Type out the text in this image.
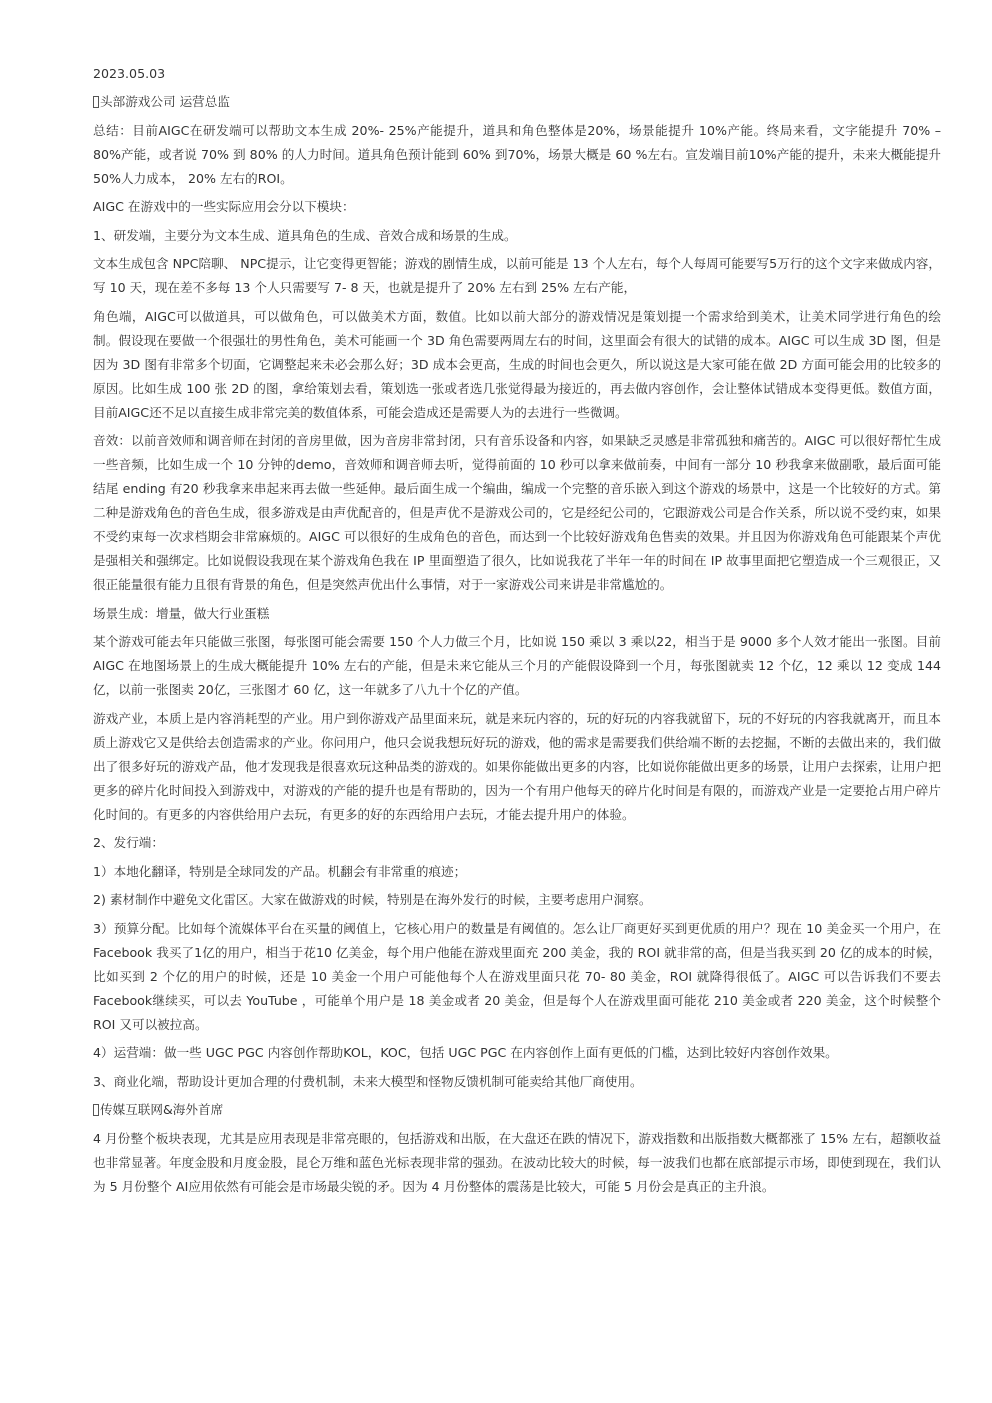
2023.05.03

头部游戏公司 运营总监

总结：目前AIGC在研发端可以帮助文本生成 20%- 25%产能提升，道具和角色整体是20%，场景能提升 10%产能。终局来看，文字能提升 70% – 80%产能，或者说 70% 到 80% 的人力时间。道具角色预计能到 60% 到70%，场景大概是 60 %左右。宣发端目前10%产能的提升，未来大概能提升 50%人力成本， 20% 左右的ROI。

AIGC 在游戏中的一些实际应用会分以下模块：

1、研发端，主要分为文本生成、道具角色的生成、音效合成和场景的生成。

文本生成包含 NPC陪聊、 NPC提示，让它变得更智能；游戏的剧情生成，以前可能是 13 个人左右，每个人每周可能要写5万行的这个文字来做成内容，写 10 天，现在差不多每 13 个人只需要写 7- 8 天，也就是提升了 20% 左右到 25% 左右产能，

角色端，AIGC可以做道具，可以做角色，可以做美术方面，数值。比如以前大部分的游戏情况是策划提一个需求给到美术，让美术同学进行角色的绘制。假设现在要做一个很强壮的男性角色，美术可能画一个 3D 角色需要两周左右的时间，这里面会有很大的试错的成本。AIGC 可以生成 3D 图，但是因为 3D 图有非常多个切面，它调整起来未必会那么好；3D 成本会更高，生成的时间也会更久，所以说这是大家可能在做 2D 方面可能会用的比较多的原因。比如生成 100 张 2D 的图，拿给策划去看，策划选一张或者选几张觉得最为接近的，再去做内容创作，会让整体试错成本变得更低。数值方面，目前AIGC还不足以直接生成非常完美的数值体系，可能会造成还是需要人为的去进行一些微调。

音效：以前音效师和调音师在封闭的音房里做，因为音房非常封闭，只有音乐设备和内容，如果缺乏灵感是非常孤独和痛苦的。AIGC 可以很好帮忙生成一些音频，比如生成一个 10 分钟的demo，音效师和调音师去听，觉得前面的 10 秒可以拿来做前奏，中间有一部分 10 秒我拿来做副歌，最后面可能结尾 ending 有20 秒我拿来串起来再去做一些延伸。最后面生成一个编曲，编成一个完整的音乐嵌入到这个游戏的场景中，这是一个比较好的方式。第二种是游戏角色的音色生成，很多游戏是由声优配音的，但是声优不是游戏公司的，它是经纪公司的，它跟游戏公司是合作关系，所以说不受约束，如果不受约束每一次求档期会非常麻烦的。AIGC 可以很好的生成角色的音色，而达到一个比较好游戏角色售卖的效果。并且因为你游戏角色可能跟某个声优是强相关和强绑定。比如说假设我现在某个游戏角色我在 IP 里面塑造了很久，比如说我花了半年一年的时间在 IP 故事里面把它塑造成一个三观很正，又很正能量很有能力且很有背景的角色，但是突然声优出什么事情，对于一家游戏公司来讲是非常尴尬的。

场景生成：增量，做大行业蛋糕

某个游戏可能去年只能做三张图，每张图可能会需要 150 个人力做三个月，比如说 150 乘以 3 乘以22，相当于是 9000 多个人效才能出一张图。目前 AIGC 在地图场景上的生成大概能提升 10% 左右的产能，但是未来它能从三个月的产能假设降到一个月，每张图就卖 12 个亿，12 乘以 12 变成 144 亿，以前一张图卖 20亿，三张图才 60 亿，这一年就多了八九十个亿的产值。

游戏产业，本质上是内容消耗型的产业。用户到你游戏产品里面来玩，就是来玩内容的，玩的好玩的内容我就留下，玩的不好玩的内容我就离开，而且本质上游戏它又是供给去创造需求的产业。你问用户，他只会说我想玩好玩的游戏，他的需求是需要我们供给端不断的去挖掘，不断的去做出来的，我们做出了很多好玩的游戏产品，他才发现我是很喜欢玩这种品类的游戏的。如果你能做出更多的内容，比如说你能做出更多的场景，让用户去探索，让用户把更多的碎片化时间投入到游戏中，对游戏的产能的提升也是有帮助的，因为一个有用户他每天的碎片化时间是有限的，而游戏产业是一定要抢占用户碎片化时间的。有更多的内容供给用户去玩，有更多的好的东西给用户去玩，才能去提升用户的体验。

2、发行端：

1）本地化翻译，特别是全球同发的产品。机翻会有非常重的痕迹；

2) 素材制作中避免文化雷区。大家在做游戏的时候，特别是在海外发行的时候，主要考虑用户洞察。

3）预算分配。比如每个流媒体平台在买量的阈值上，它核心用户的数量是有阈值的。怎么让厂商更好买到更优质的用户？现在 10 美金买一个用户，在 Facebook 我买了1亿的用户，相当于花10 亿美金，每个用户他能在游戏里面充 200 美金，我的 ROI 就非常的高，但是当我买到 20 亿的成本的时候，比如买到 2 个亿的用户的时候，还是 10 美金一个用户可能他每个人在游戏里面只花 70- 80 美金，ROI 就降得很低了。AIGC 可以告诉我们不要去 Facebook继续买，可以去 YouTube ，可能单个用户是 18 美金或者 20 美金，但是每个人在游戏里面可能花 210 美金或者 220 美金，这个时候整个 ROI 又可以被拉高。

4）运营端：做一些 UGC PGC 内容创作帮助KOL，KOC，包括 UGC PGC 在内容创作上面有更低的门槛，达到比较好内容创作效果。

3、商业化端，帮助设计更加合理的付费机制，未来大模型和怪物反馈机制可能卖给其他厂商使用。

传媒互联网&海外首席

4 月份整个板块表现，尤其是应用表现是非常亮眼的，包括游戏和出版，在大盘还在跌的情况下，游戏指数和出版指数大概都涨了 15% 左右，超额收益也非常显著。年度金股和月度金股，昆仑万维和蓝色光标表现非常的强劲。在波动比较大的时候，每一波我们也都在底部提示市场，即使到现在，我们认为 5 月份整个 AI应用依然有可能会是市场最尖锐的矛。因为 4 月份整体的震荡是比较大，可能 5 月份会是真正的主升浪。
